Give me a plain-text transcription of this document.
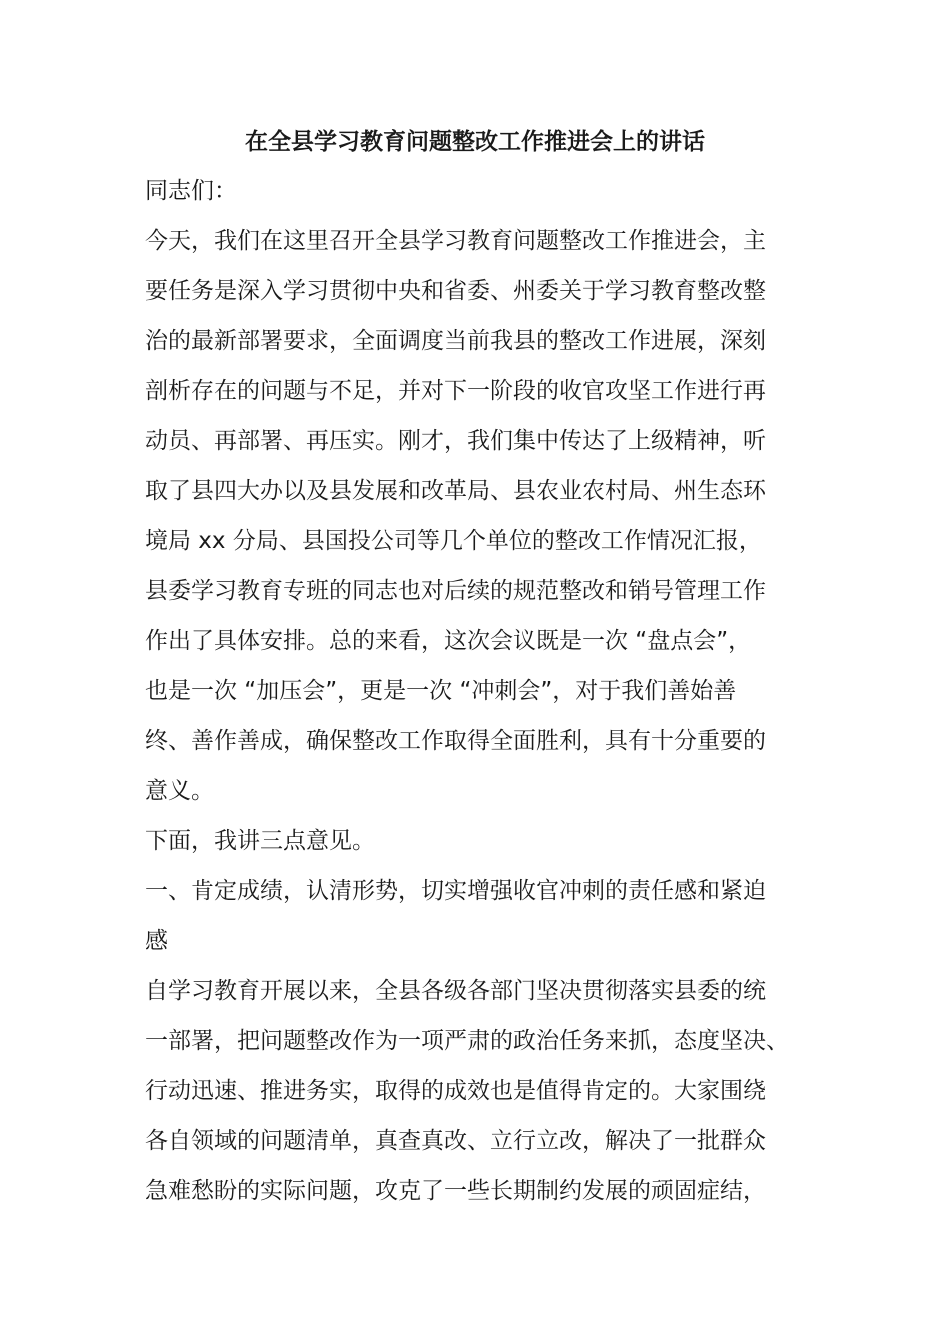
在全县学习教育问题整改工作推进会上的讲话

同志们：

今天，我们在这里召开全县学习教育问题整改工作推进会，主

要任务是深入学习贯彻中央和省委、州委关于学习教育整改整

治的最新部署要求，全面调度当前我县的整改工作进展，深刻

剖析存在的问题与不足，并对下一阶段的收官攻坚工作进行再

动员、再部署、再压实。刚才，我们集中传达了上级精神，听

取了县四大办以及县发展和改革局、县农业农村局、州生态环

境局 xx 分局、县国投公司等几个单位的整改工作情况汇报，

县委学习教育专班的同志也对后续的规范整改和销号管理工作

作出了具体安排。总的来看，这次会议既是一次 “盘点会”，

也是一次 “加压会”，更是一次 “冲刺会”，对于我们善始善

终、善作善成，确保整改工作取得全面胜利，具有十分重要的

意义。

下面，我讲三点意见。

一、肯定成绩，认清形势，切实增强收官冲刺的责任感和紧迫

感

自学习教育开展以来，全县各级各部门坚决贯彻落实县委的统

一部署，把问题整改作为一项严肃的政治任务来抓，态度坚决、

行动迅速、推进务实，取得的成效也是值得肯定的。大家围绕

各自领域的问题清单，真查真改、立行立改，解决了一批群众

急难愁盼的实际问题，攻克了一些长期制约发展的顽固症结，
